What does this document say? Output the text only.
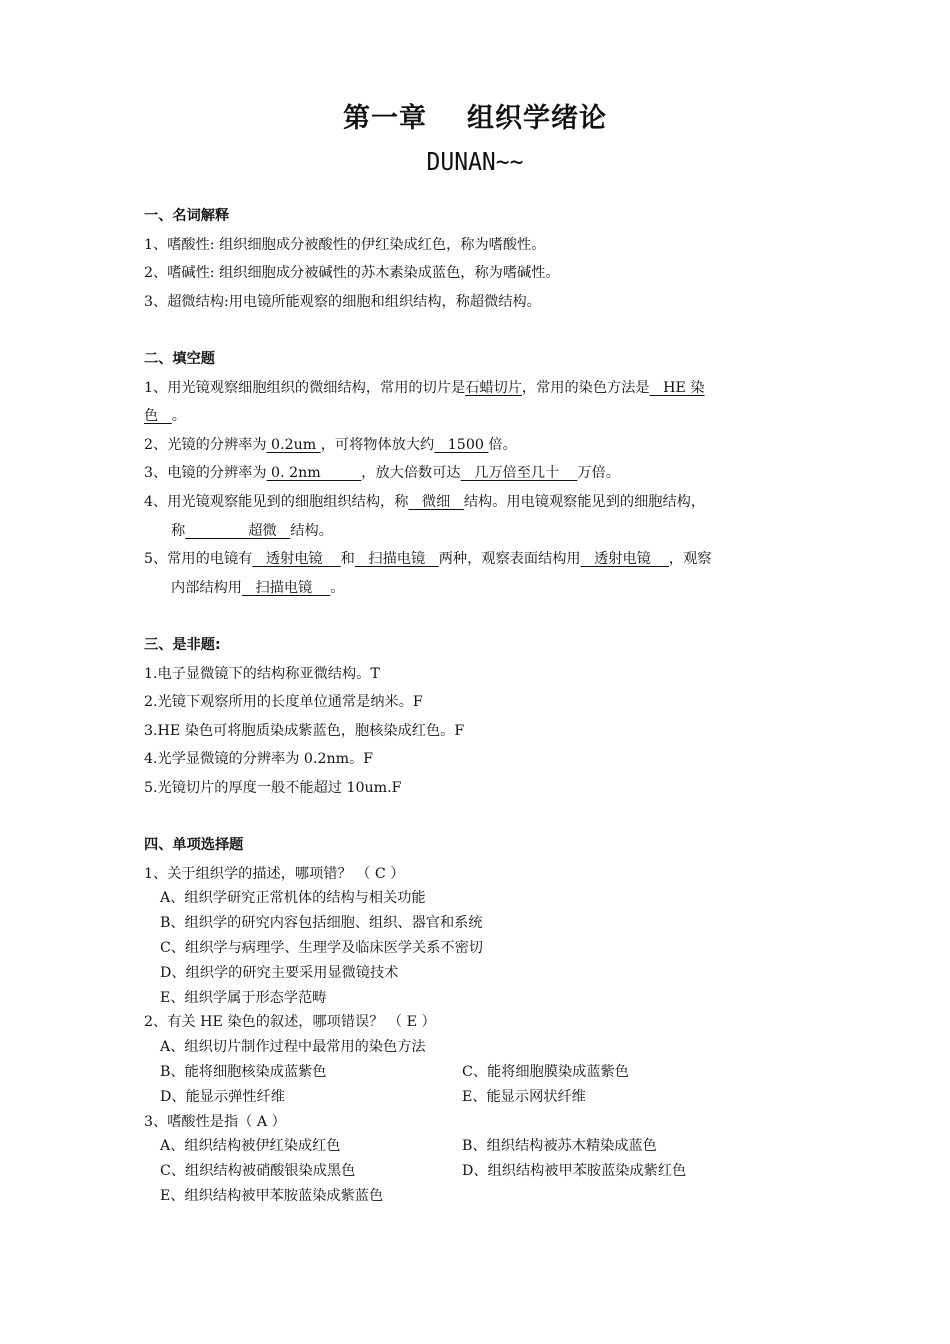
第一章 组织学绪论
DUNAN~~
一、名词解释
1、嗜酸性: 组织细胞成分被酸性的伊红染成红色，称为嗜酸性。
2、嗜碱性: 组织细胞成分被碱性的苏木素染成蓝色，称为嗜碱性。
3、超微结构:用电镜所能观察的细胞和组织结构，称超微结构。
二、填空题
1、用光镜观察细胞组织的微细结构，常用的切片是石蜡切片，常用的染色方法是   HE 染
色   。
2、光镜的分辨率为 0.2um ，可将物体放大约   1500 倍。
3、电镜的分辨率为 0. 2nm         ，放大倍数可达   几万倍至几十    万倍。
4、用光镜观察能见到的细胞组织结构，称   微细   结构。用电镜观察能见到的细胞结构，
称              超微   结构。
5、常用的电镜有   透射电镜    和   扫描电镜   两种，观察表面结构用   透射电镜    ，观察
内部结构用   扫描电镜    。
三、是非题:
1.电子显微镜下的结构称亚微结构。T
2.光镜下观察所用的长度单位通常是纳米。F
3.HE 染色可将胞质染成紫蓝色，胞核染成红色。F
4.光学显微镜的分辨率为 0.2nm。F
5.光镜切片的厚度一般不能超过 10um.F
四、单项选择题
1、关于组织学的描述，哪项错？ （ C ）
A、组织学研究正常机体的结构与相关功能
B、组织学的研究内容包括细胞、组织、器官和系统
C、组织学与病理学、生理学及临床医学关系不密切
D、组织学的研究主要采用显微镜技术
E、组织学属于形态学范畴
2、有关 HE 染色的叙述，哪项错误？ （ E ）
A、组织切片制作过程中最常用的染色方法
B、能将细胞核染成蓝紫色	C、能将细胞膜染成蓝紫色
D、能显示弹性纤维	E、能显示网状纤维
3、嗜酸性是指（ A ）
A、组织结构被伊红染成红色	B、组织结构被苏木精染成蓝色
C、组织结构被硝酸银染成黑色	D、组织结构被甲苯胺蓝染成紫红色
E、组织结构被甲苯胺蓝染成紫蓝色
